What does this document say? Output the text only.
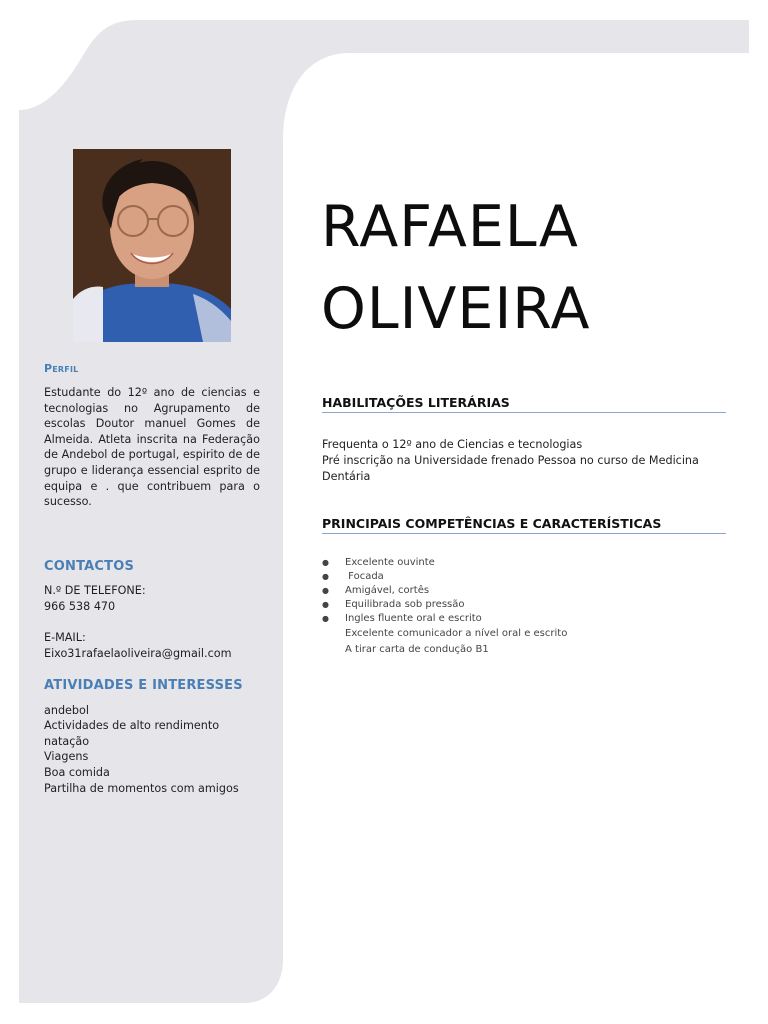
Perfil
Estudante do 12º ano de ciencias e tecnologias no Agrupamento de escolas Doutor manuel Gomes de Almeida. Atleta inscrita na Federação de Andebol de portugal, espirito de de grupo e liderança essencial esprito de equipa e . que contribuem para o sucesso.
CONTACTOS
N.º DE TELEFONE:
966 538 470
E-MAIL:
Eixo31rafaelaoliveira@gmail.com
ATIVIDADES E INTERESSES
andebol
Actividades de alto rendimento
natação
Viagens
Boa comida
Partilha de momentos com amigos
RAFAELA
OLIVEIRA
HABILITAÇÕES LITERÁRIAS
Frequenta o 12º ano de Ciencias e tecnologias
Pré inscrição na Universidade frenado Pessoa no curso de Medicina Dentária
PRINCIPAIS COMPETÊNCIAS E CARACTERÍSTICAS
● Excelente ouvinte
● Focada
● Amigável, cortês
● Equilibrada sob pressão
● Ingles fluente oral e escrito
Excelente comunicador a nível oral e escrito
A tirar carta de condução B1
